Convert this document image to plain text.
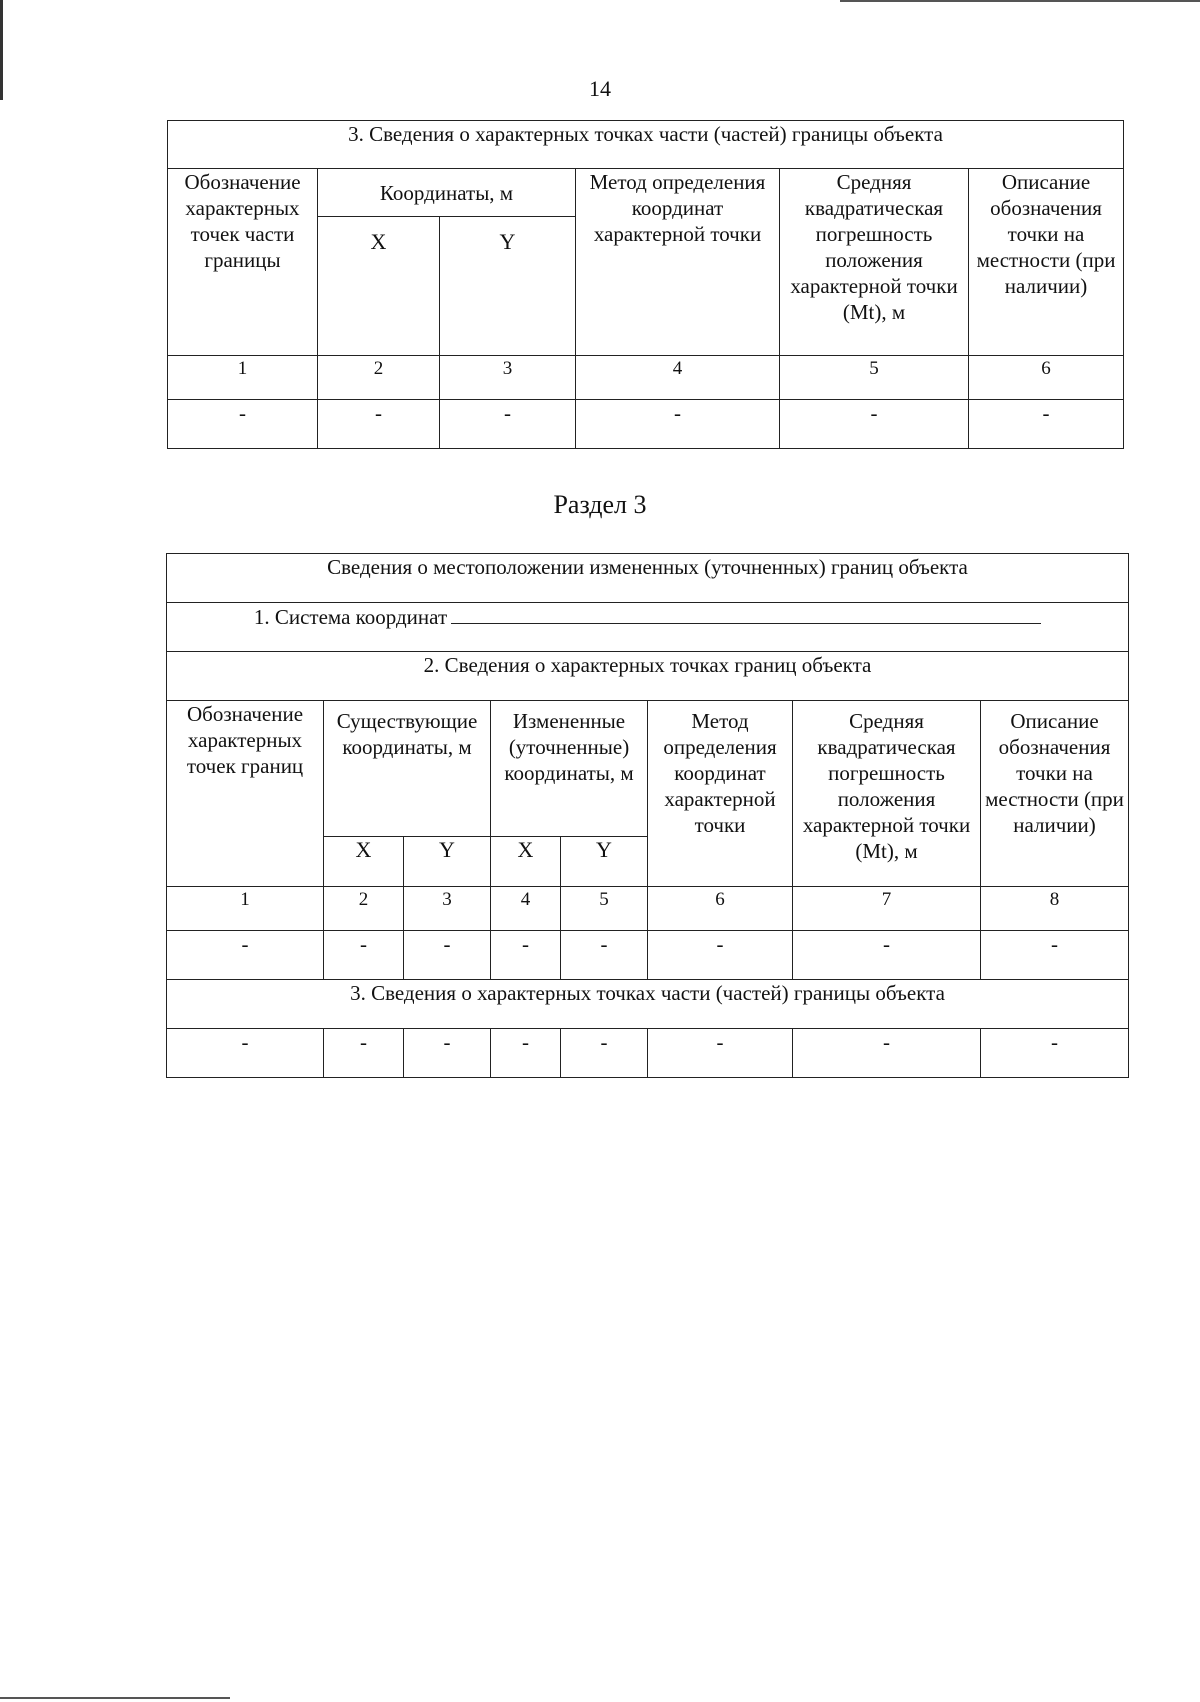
14
3. Сведения о характерных точках части (частей) границы объекта					
Обозначение характерных точек части границы	Координаты, м		Метод определения координат характерной точки	Средняя квадратическая погрешность положения характерной точки (Mt), м	Описание обозначения точки на местности (при наличии)
	X	Y			
1	2	3	4	5	6
-	-	-	-	-	-
Раздел 3
Сведения о местоположении измененных (уточненных) границ объекта							
1. Система координат							
2. Сведения о характерных точках границ объекта							
Обозначение характерных точек границ	Существующие координаты, м		Измененные (уточненные) координаты, м		Метод определения координат характерной точки	Средняя квадратическая погрешность положения характерной точки (Mt), м	Описание обозначения точки на местности (при наличии)
	X	Y	X	Y			
1	2	3	4	5	6	7	8
-	-	-	-	-	-	-	-
3. Сведения о характерных точках части (частей) границы объекта							
-	-	-	-	-	-	-	-
